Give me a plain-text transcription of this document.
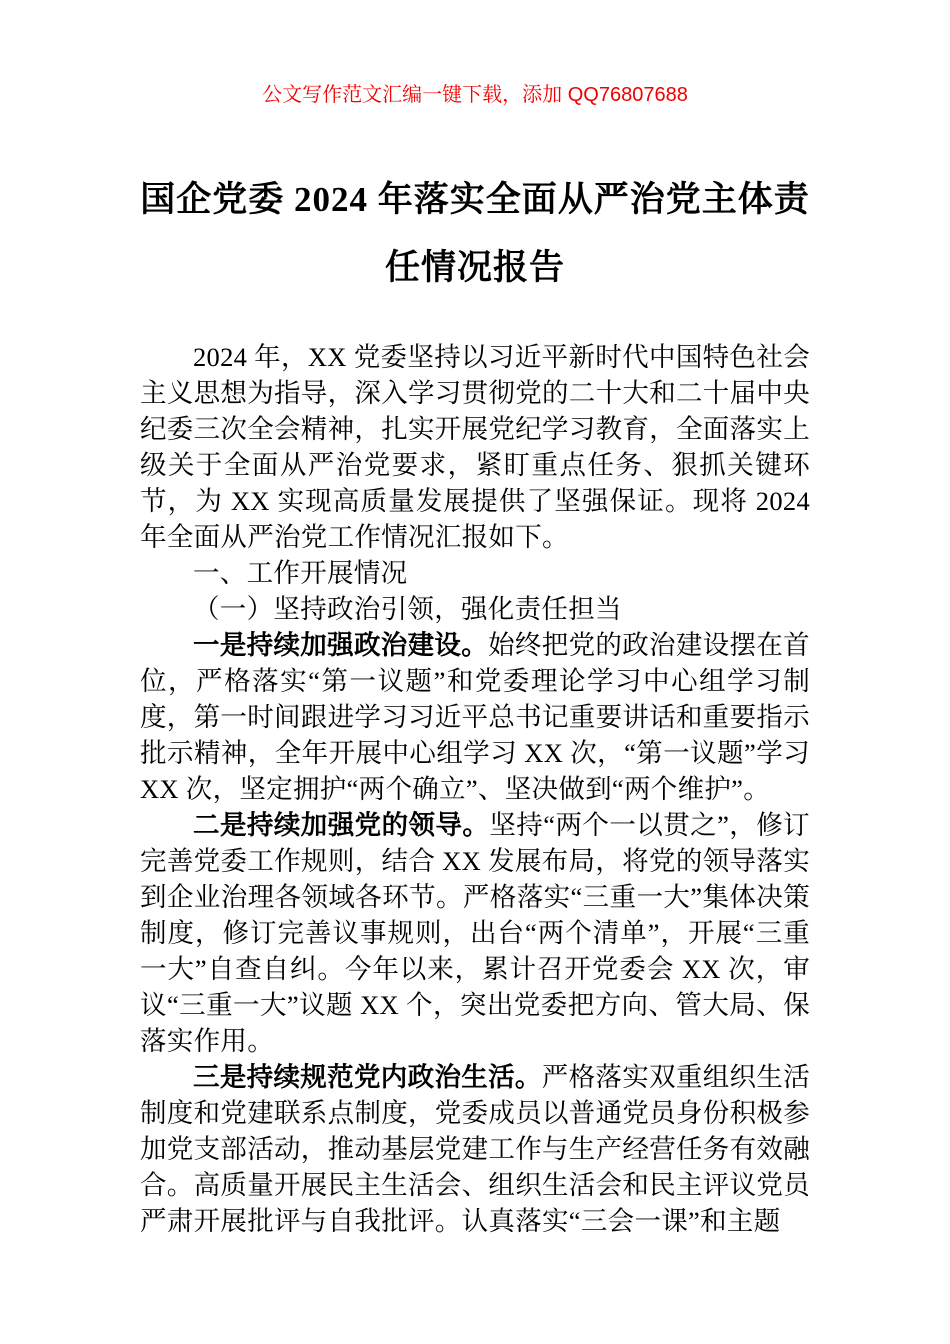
公文写作范文汇编一键下载，添加 QQ76807688
国企党委 2024 年落实全面从严治党主体责
任情况报告

2024 年，XX 党委坚持以习近平新时代中国特色社会主义思想为指导，深入学习贯彻党的二十大和二十届中央纪委三次全会精神，扎实开展党纪学习教育，全面落实上级关于全面从严治党要求，紧盯重点任务、狠抓关键环节，为 XX 实现高质量发展提供了坚强保证。现将 2024 年全面从严治党工作情况汇报如下。

一、工作开展情况

（一）坚持政治引领，强化责任担当

一是持续加强政治建设。始终把党的政治建设摆在首位，严格落实“第一议题”和党委理论学习中心组学习制度，第一时间跟进学习习近平总书记重要讲话和重要指示批示精神，全年开展中心组学习 XX 次，“第一议题”学习 XX 次，坚定拥护“两个确立”、坚决做到“两个维护”。

二是持续加强党的领导。坚持“两个一以贯之”，修订完善党委工作规则，结合 XX 发展布局，将党的领导落实到企业治理各领域各环节。严格落实“三重一大”集体决策制度，修订完善议事规则，出台“两个清单”，开展“三重一大”自查自纠。今年以来，累计召开党委会 XX 次，审议“三重一大”议题 XX 个，突出党委把方向、管大局、保落实作用。

三是持续规范党内政治生活。严格落实双重组织生活制度和党建联系点制度，党委成员以普通党员身份积极参加党支部活动，推动基层党建工作与生产经营任务有效融合。高质量开展民主生活会、组织生活会和民主评议党员严肃开展批评与自我批评。认真落实“三会一课”和主题
